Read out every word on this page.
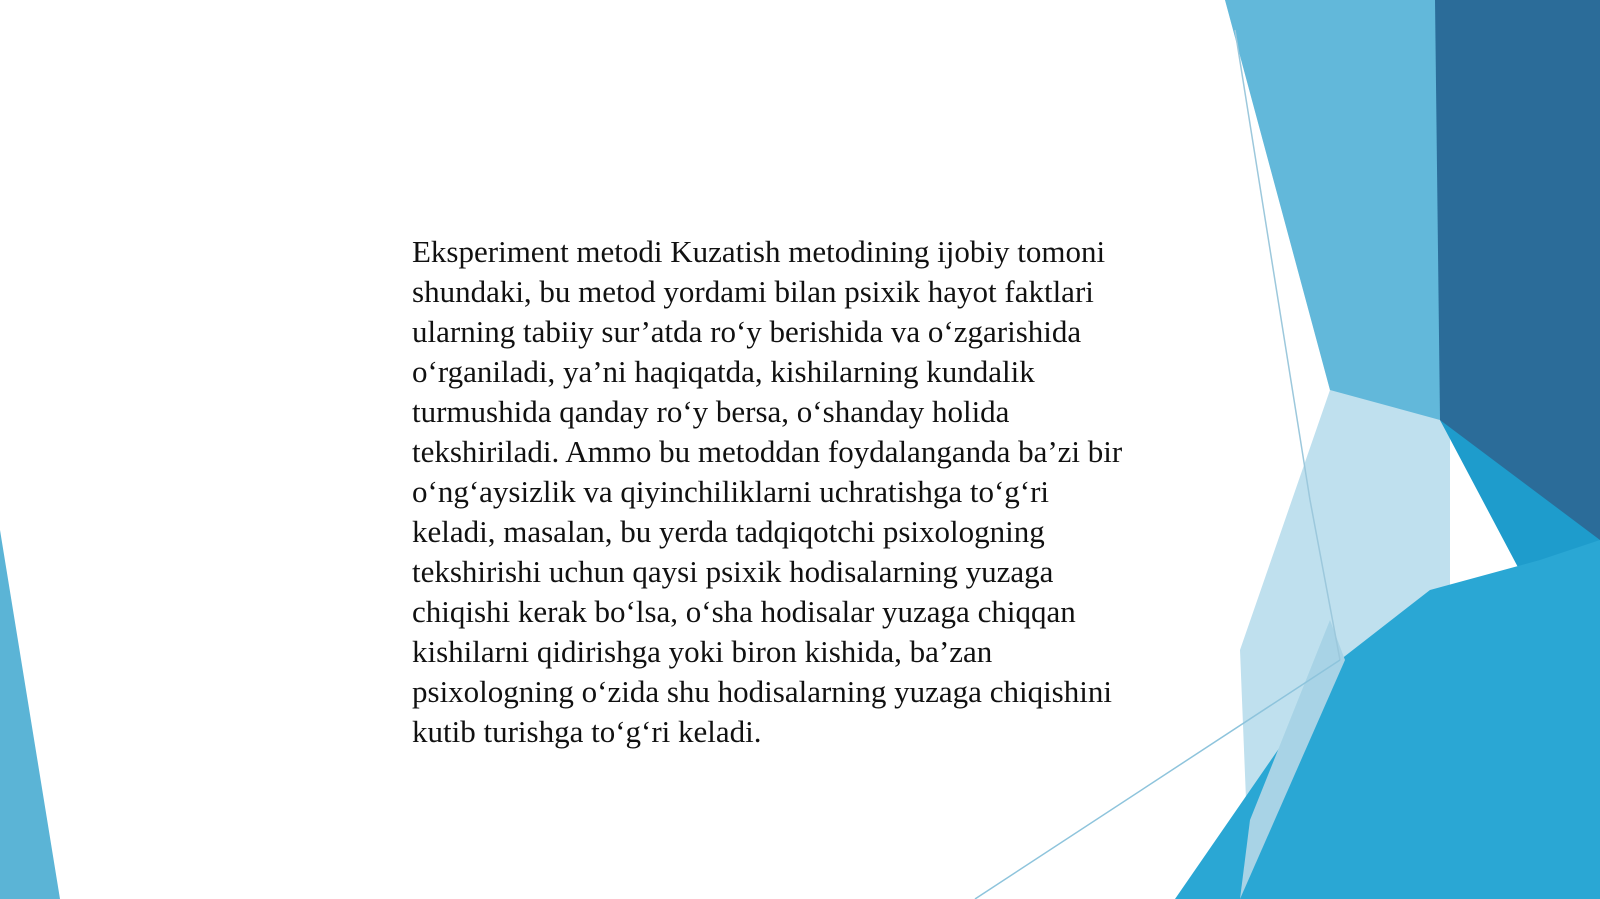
Eksperiment metodi Kuzatish metodining ijobiy tomoni
shundaki, bu metod yordami bilan psixik hayot faktlari
ularning tabiiy sur’atda ro‘y berishida va o‘zgarishida
o‘rganiladi, ya’ni haqiqatda, kishilarning kundalik
turmushida qanday ro‘y bersa, o‘shanday holida
tekshiriladi. Ammo bu metoddan foydalanganda ba’zi bir
o‘ng‘aysizlik va qiyinchiliklarni uchratishga to‘g‘ri
keladi, masalan, bu yerda tadqiqotchi psixologning
tekshirishi uchun qaysi psixik hodisalarning yuzaga
chiqishi kerak bo‘lsa, o‘sha hodisalar yuzaga chiqqan
kishilarni qidirishga yoki biron kishida, ba’zan
psixologning o‘zida shu hodisalarning yuzaga chiqishini
kutib turishga to‘g‘ri keladi.
